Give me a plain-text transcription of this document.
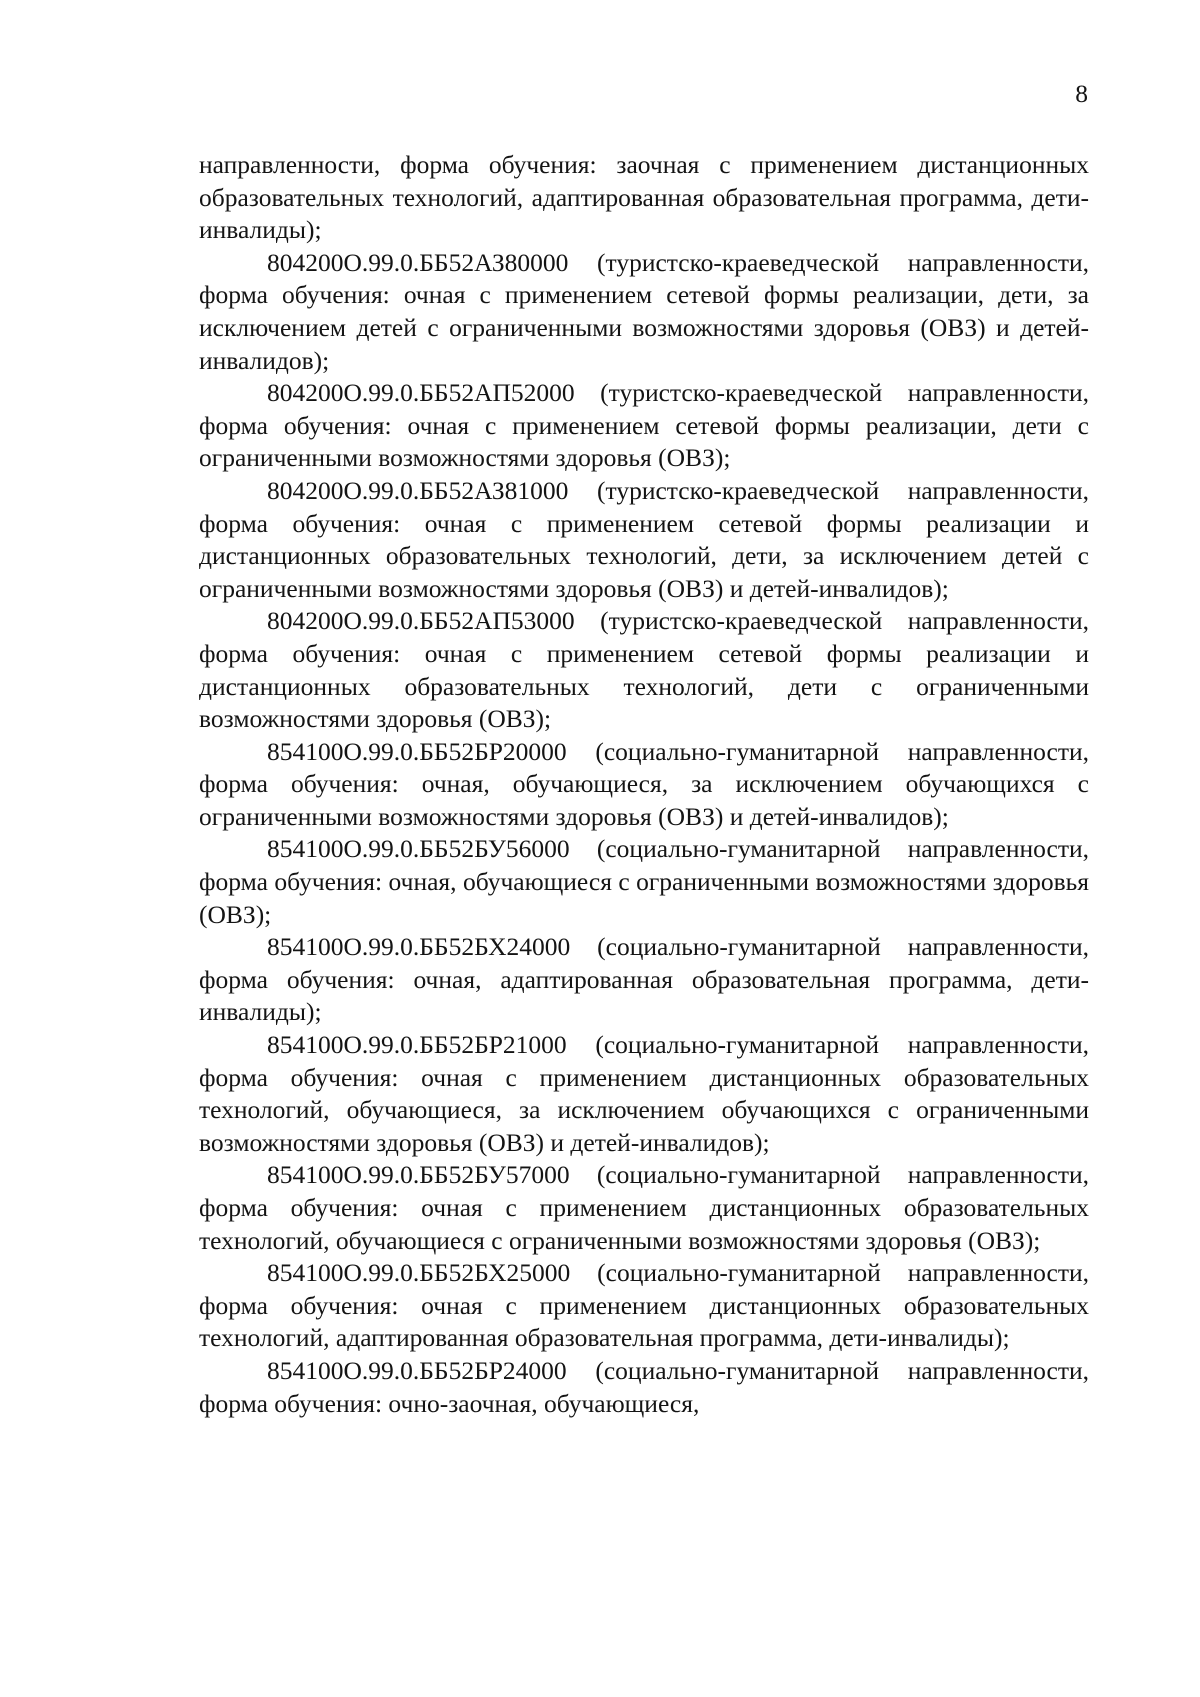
8

направленности, форма обучения: заочная с применением дистанционных образовательных технологий, адаптированная образовательная программа, дети-инвалиды);

804200О.99.0.ББ52АЗ80000 (туристско-краеведческой направленности, форма обучения: очная с применением сетевой формы реализации, дети, за исключением детей с ограниченными возможностями здоровья (ОВЗ) и детей-инвалидов);

804200О.99.0.ББ52АП52000 (туристско-краеведческой направленности, форма обучения: очная с применением сетевой формы реализации, дети с ограниченными возможностями здоровья (ОВЗ);

804200О.99.0.ББ52АЗ81000 (туристско-краеведческой направленности, форма обучения: очная с применением сетевой формы реализации и дистанционных образовательных технологий, дети, за исключением детей с ограниченными возможностями здоровья (ОВЗ) и детей-инвалидов);

804200О.99.0.ББ52АП53000 (туристско-краеведческой направленности, форма обучения: очная с применением сетевой формы реализации и дистанционных образовательных технологий, дети с ограниченными возможностями здоровья (ОВЗ);

854100О.99.0.ББ52БР20000 (социально-гуманитарной направленности, форма обучения: очная, обучающиеся, за исключением обучающихся с ограниченными возможностями здоровья (ОВЗ) и детей-инвалидов);

854100О.99.0.ББ52БУ56000 (социально-гуманитарной направленности, форма обучения: очная, обучающиеся с ограниченными возможностями здоровья (ОВЗ);

854100О.99.0.ББ52БХ24000 (социально-гуманитарной направленности, форма обучения: очная, адаптированная образовательная программа, дети-инвалиды);

854100О.99.0.ББ52БР21000 (социально-гуманитарной направленности, форма обучения: очная с применением дистанционных образовательных технологий, обучающиеся, за исключением обучающихся с ограниченными возможностями здоровья (ОВЗ) и детей-инвалидов);

854100О.99.0.ББ52БУ57000 (социально-гуманитарной направленности, форма обучения: очная с применением дистанционных образовательных технологий, обучающиеся с ограниченными возможностями здоровья (ОВЗ);

854100О.99.0.ББ52БХ25000 (социально-гуманитарной направленности, форма обучения: очная с применением дистанционных образовательных технологий, адаптированная образовательная программа, дети-инвалиды);

854100О.99.0.ББ52БР24000 (социально-гуманитарной направленности, форма обучения: очно-заочная, обучающиеся,
